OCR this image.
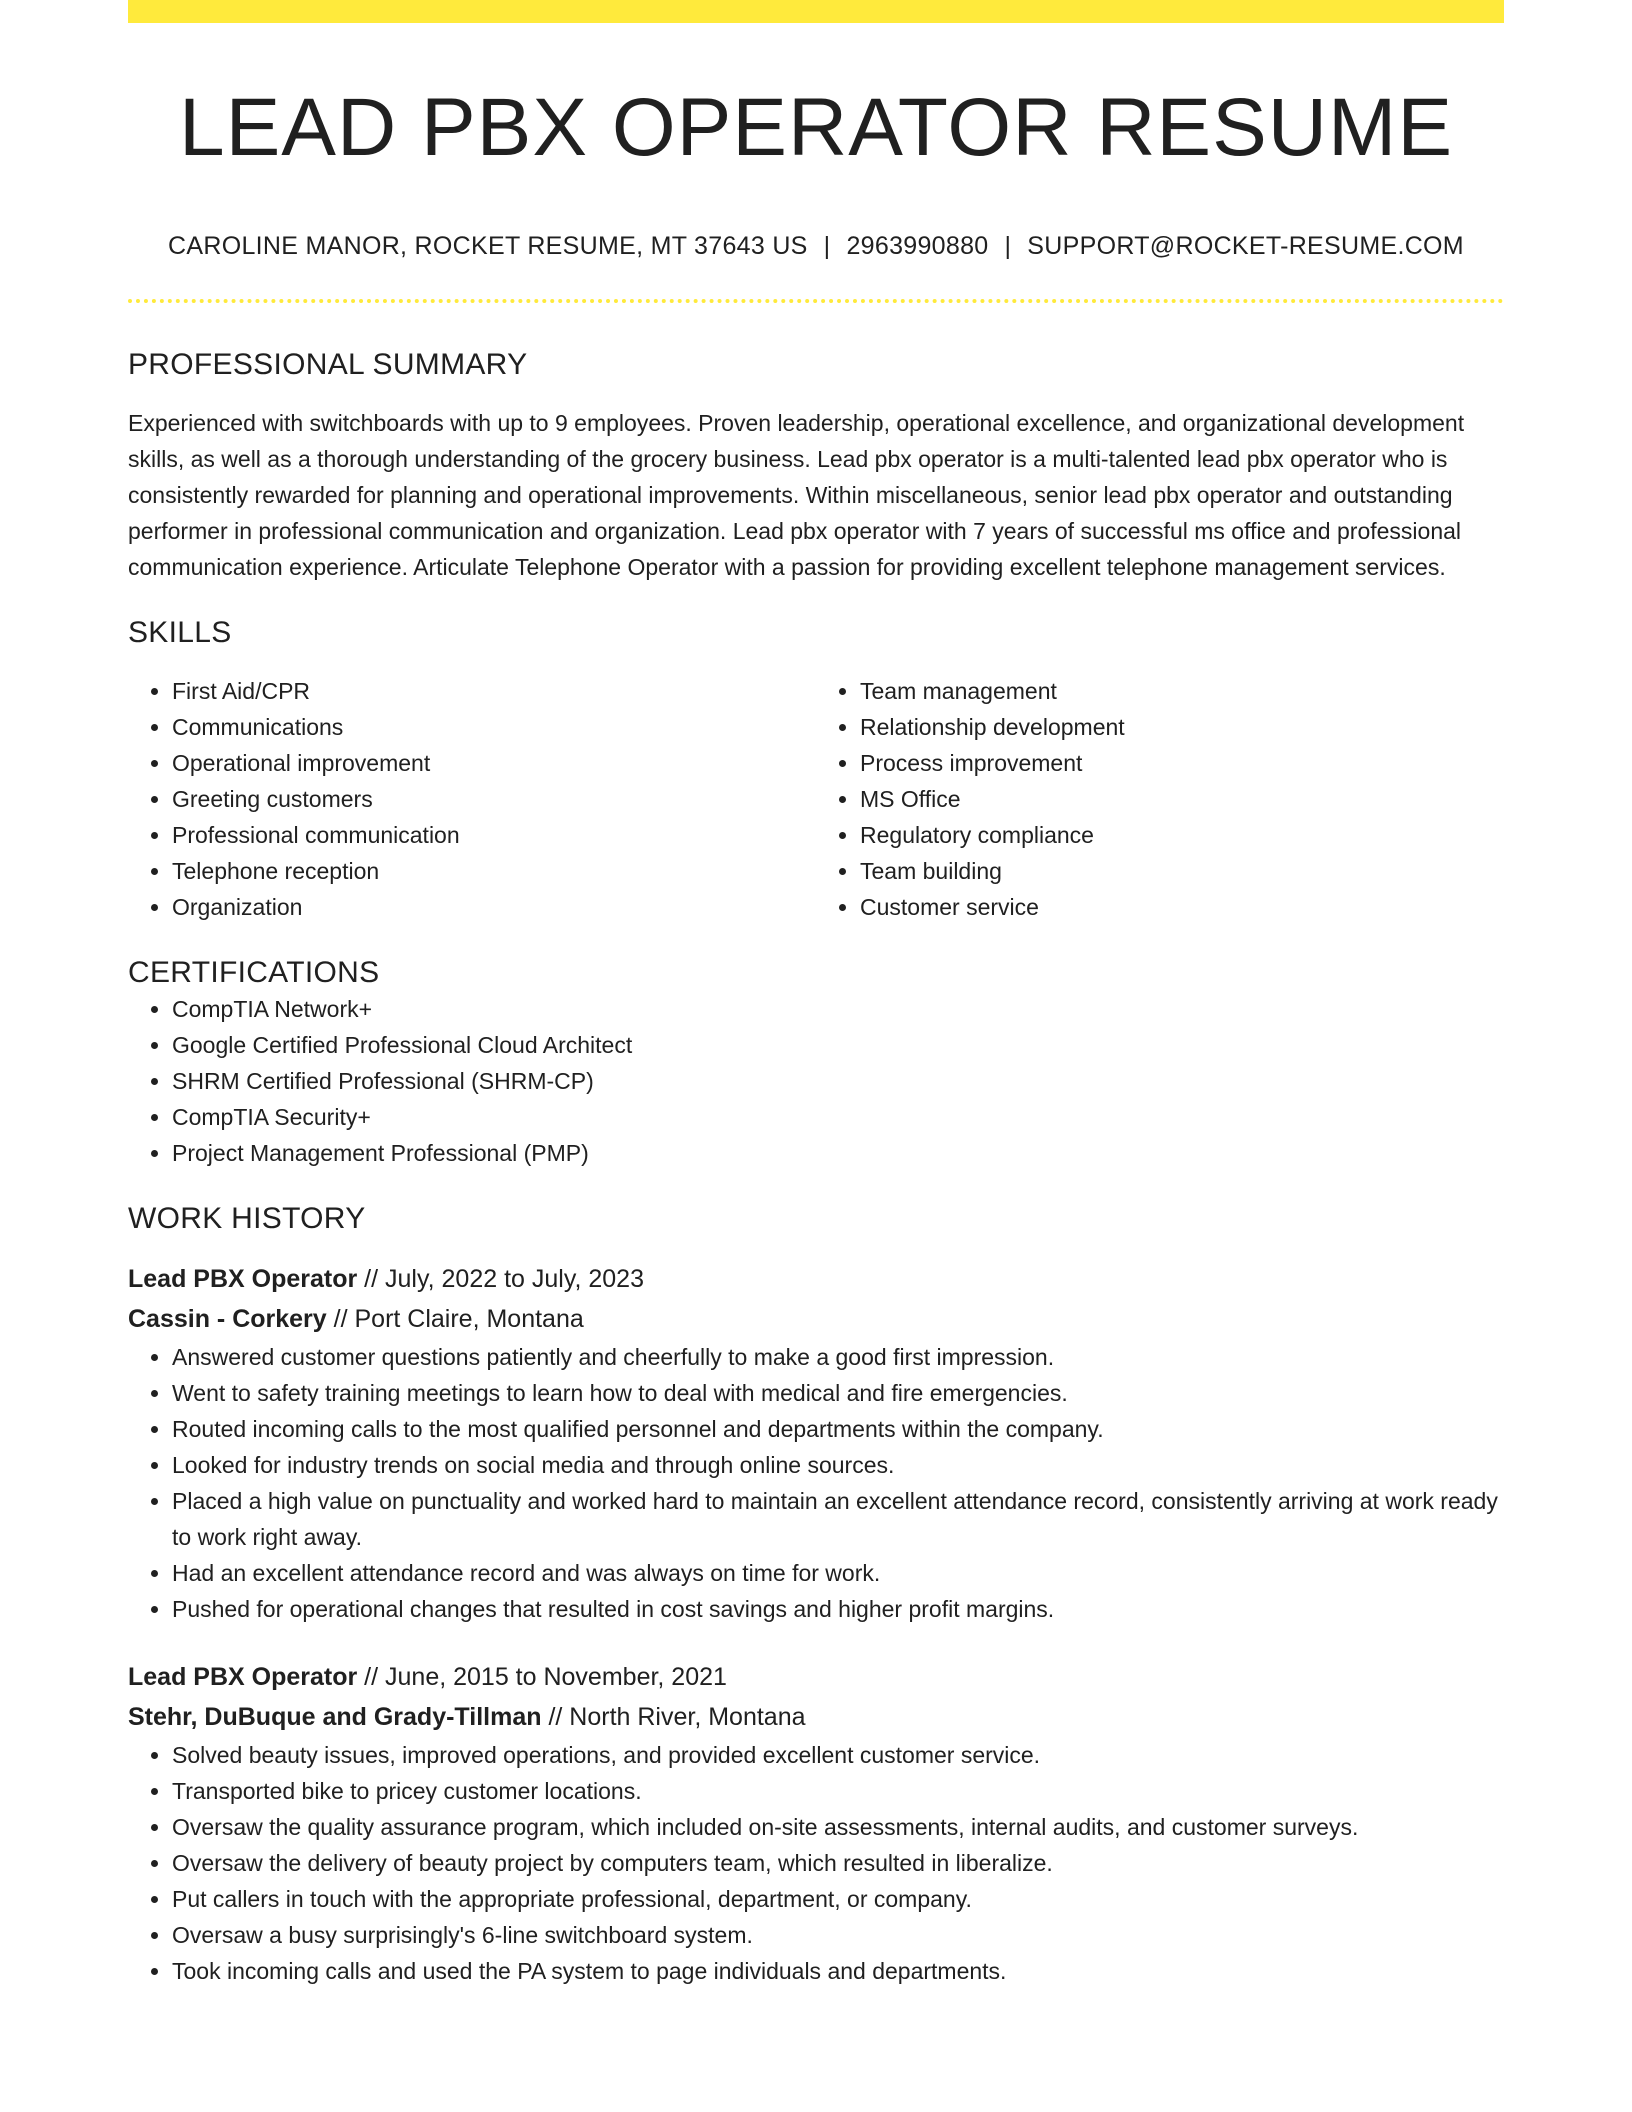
LEAD PBX OPERATOR RESUME
CAROLINE MANOR, ROCKET RESUME, MT 37643 US | 2963990880 | SUPPORT@ROCKET-RESUME.COM
PROFESSIONAL SUMMARY
Experienced with switchboards with up to 9 employees. Proven leadership, operational excellence, and organizational development skills, as well as a thorough understanding of the grocery business. Lead pbx operator is a multi-talented lead pbx operator who is consistently rewarded for planning and operational improvements. Within miscellaneous, senior lead pbx operator and outstanding performer in professional communication and organization. Lead pbx operator with 7 years of successful ms office and professional communication experience. Articulate Telephone Operator with a passion for providing excellent telephone management services.
SKILLS
• First Aid/CPR
• Communications
• Operational improvement
• Greeting customers
• Professional communication
• Telephone reception
• Organization
• Team management
• Relationship development
• Process improvement
• MS Office
• Regulatory compliance
• Team building
• Customer service
CERTIFICATIONS
• CompTIA Network+
• Google Certified Professional Cloud Architect
• SHRM Certified Professional (SHRM-CP)
• CompTIA Security+
• Project Management Professional (PMP)
WORK HISTORY
Lead PBX Operator // July, 2022 to July, 2023
Cassin - Corkery // Port Claire, Montana
• Answered customer questions patiently and cheerfully to make a good first impression.
• Went to safety training meetings to learn how to deal with medical and fire emergencies.
• Routed incoming calls to the most qualified personnel and departments within the company.
• Looked for industry trends on social media and through online sources.
• Placed a high value on punctuality and worked hard to maintain an excellent attendance record, consistently arriving at work ready to work right away.
• Had an excellent attendance record and was always on time for work.
• Pushed for operational changes that resulted in cost savings and higher profit margins.
Lead PBX Operator // June, 2015 to November, 2021
Stehr, DuBuque and Grady-Tillman // North River, Montana
• Solved beauty issues, improved operations, and provided excellent customer service.
• Transported bike to pricey customer locations.
• Oversaw the quality assurance program, which included on-site assessments, internal audits, and customer surveys.
• Oversaw the delivery of beauty project by computers team, which resulted in liberalize.
• Put callers in touch with the appropriate professional, department, or company.
• Oversaw a busy surprisingly's 6-line switchboard system.
• Took incoming calls and used the PA system to page individuals and departments.
